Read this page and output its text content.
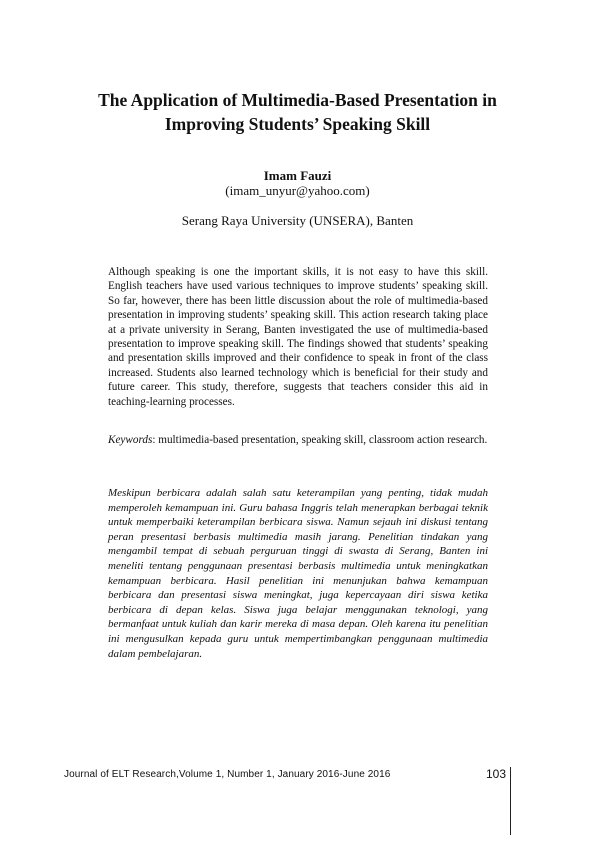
The Application of Multimedia-Based Presentation in
Improving Students’ Speaking Skill
Imam Fauzi
(imam_unyur@yahoo.com)
Serang Raya University (UNSERA), Banten

Although speaking is one the important skills, it is not easy to have this skill. English teachers have used various techniques to improve students’ speaking skill. So far, however, there has been little discussion about the role of multimedia-based presentation in improving students’ speaking skill. This action research taking place at a private university in Serang, Banten investigated the use of multimedia-based presentation to improve speaking skill. The findings showed that students’ speaking and presentation skills improved and their confidence to speak in front of the class increased. Students also learned technology which is beneficial for their study and future career. This study, therefore, suggests that teachers consider this aid in teaching-learning processes.

Keywords: multimedia-based presentation, speaking skill, classroom action research.

Meskipun berbicara adalah salah satu keterampilan yang penting, tidak mudah memperoleh kemampuan ini. Guru bahasa Inggris telah menerapkan berbagai teknik untuk memperbaiki keterampilan berbicara siswa. Namun sejauh ini diskusi tentang peran presentasi berbasis multimedia masih jarang. Penelitian tindakan yang mengambil tempat di sebuah perguruan tinggi di swasta di Serang, Banten ini meneliti tentang penggunaan presentasi berbasis multimedia untuk meningkatkan kemampuan berbicara. Hasil penelitian ini menunjukan bahwa kemampuan berbicara dan presentasi siswa meningkat, juga kepercayaan diri siswa ketika berbicara di depan kelas. Siswa juga belajar menggunakan teknologi, yang bermanfaat untuk kuliah dan karir mereka di masa depan. Oleh karena itu penelitian ini mengusulkan kepada guru untuk mempertimbangkan penggunaan multimedia dalam pembelajaran.

Journal of ELT Research,Volume 1, Number 1, January 2016-June 2016	103
